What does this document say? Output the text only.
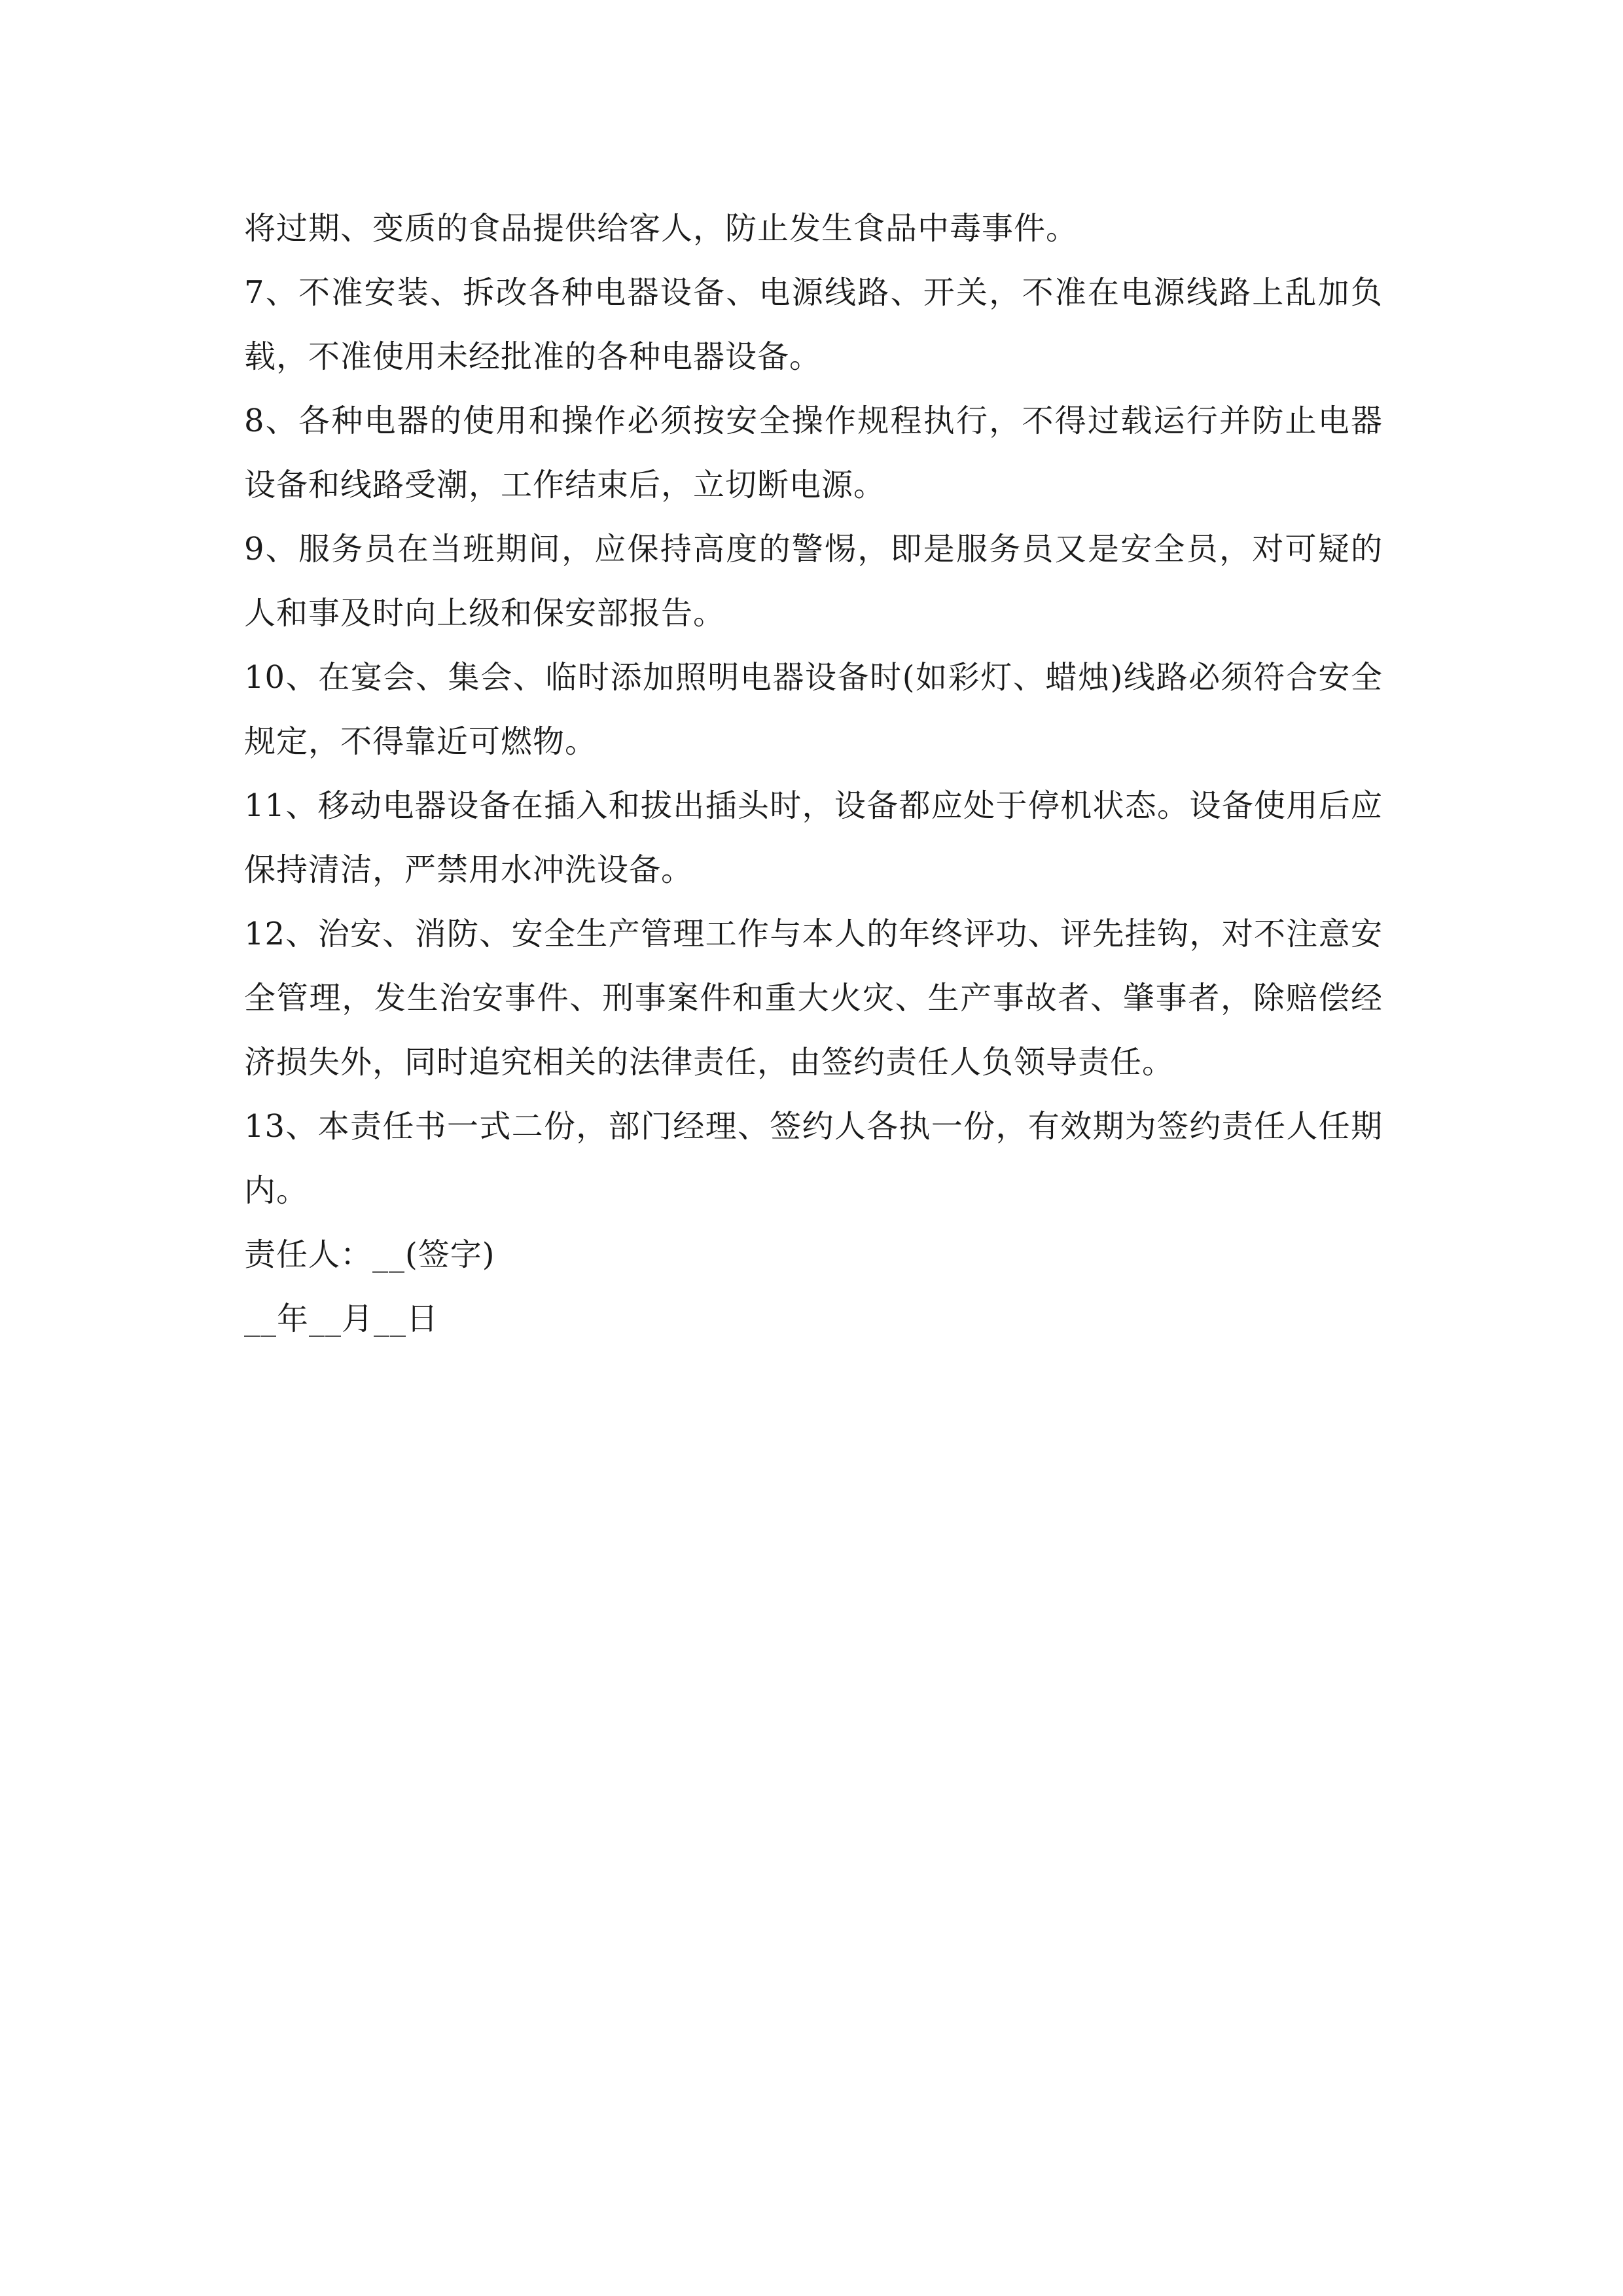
将过期、变质的食品提供给客人，防止发生食品中毒事件。

7、不准安装、拆改各种电器设备、电源线路、开关，不准在电源线路上乱加负载，不准使用未经批准的各种电器设备。

8、各种电器的使用和操作必须按安全操作规程执行，不得过载运行并防止电器设备和线路受潮，工作结束后，立切断电源。

9、服务员在当班期间，应保持高度的警惕，即是服务员又是安全员，对可疑的人和事及时向上级和保安部报告。

10、在宴会、集会、临时添加照明电器设备时(如彩灯、蜡烛)线路必须符合安全规定，不得靠近可燃物。

11、移动电器设备在插入和拔出插头时，设备都应处于停机状态。设备使用后应保持清洁，严禁用水冲洗设备。

12、治安、消防、安全生产管理工作与本人的年终评功、评先挂钩，对不注意安全管理，发生治安事件、刑事案件和重大火灾、生产事故者、肇事者，除赔偿经济损失外，同时追究相关的法律责任，由签约责任人负领导责任。

13、本责任书一式二份，部门经理、签约人各执一份，有效期为签约责任人任期内。

责任人：__(签字)

__年__月__日
